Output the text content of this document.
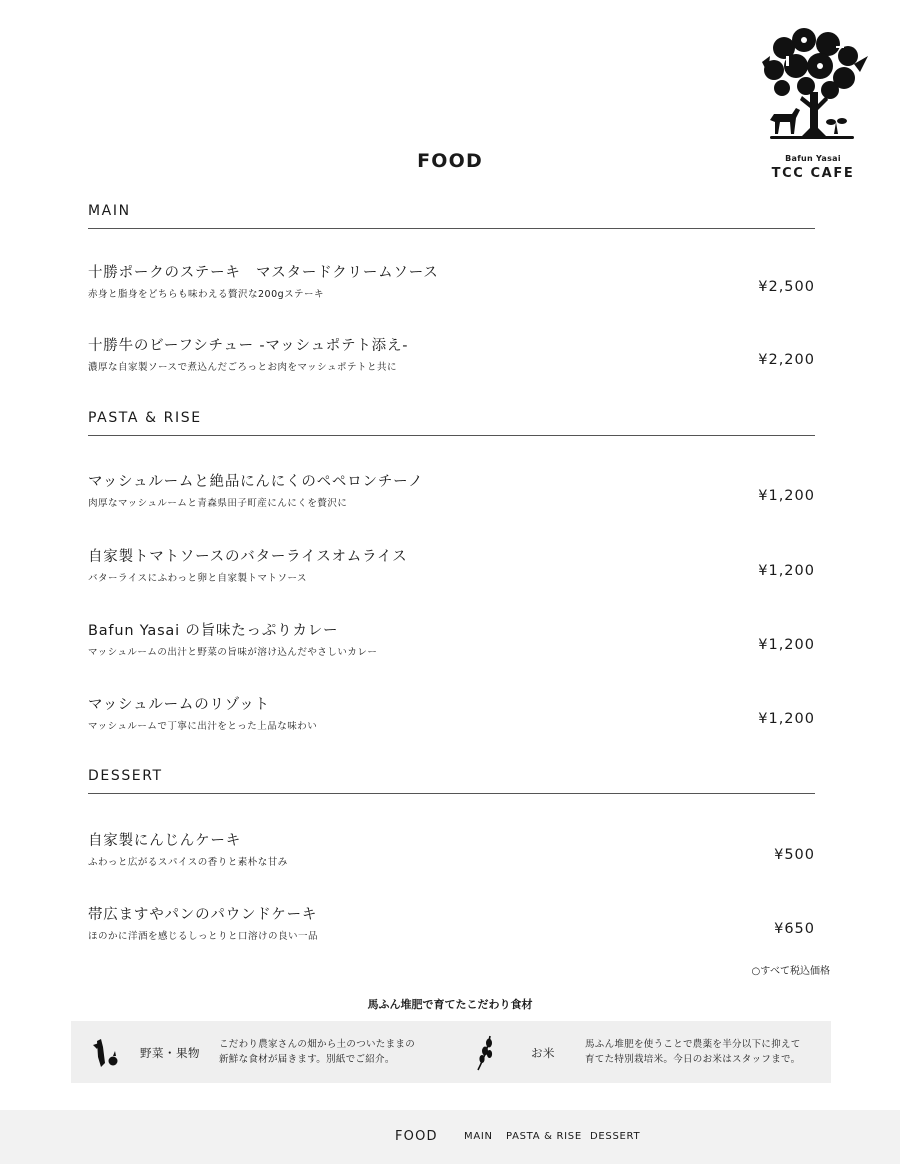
Bafun Yasai
TCC CAFE
FOOD
MAIN
十勝ポークのステーキ　マスタードクリームソース
赤身と脂身をどちらも味わえる贅沢な200gステーキ	¥2,500
十勝牛のビーフシチュー -マッシュポテト添え-
濃厚な自家製ソースで煮込んだごろっとお肉をマッシュポテトと共に	¥2,200
PASTA & RISE
マッシュルームと絶品にんにくのペペロンチーノ
肉厚なマッシュルームと青森県田子町産にんにくを贅沢に	¥1,200
自家製トマトソースのバターライスオムライス
バターライスにふわっと卵と自家製トマトソース	¥1,200
Bafun Yasai の旨味たっぷりカレー
マッシュルームの出汁と野菜の旨味が溶け込んだやさしいカレー	¥1,200
マッシュルームのリゾット
マッシュルームで丁寧に出汁をとった上品な味わい	¥1,200
DESSERT
自家製にんじんケーキ
ふわっと広がるスパイスの香りと素朴な甘み	¥500
帯広ますやパンのパウンドケーキ
ほのかに洋酒を感じるしっとりと口溶けの良い一品	¥650
○すべて税込価格
馬ふん堆肥で育てたこだわり食材
野菜・果物
こだわり農家さんの畑から土のついたままの
新鮮な食材が届きます。別紙でご紹介。	お米
馬ふん堆肥を使うことで農薬を半分以下に抑えて
育てた特別栽培米。今日のお米はスタッフまで。
FOOD	MAIN PASTA & RISE DESSERT
